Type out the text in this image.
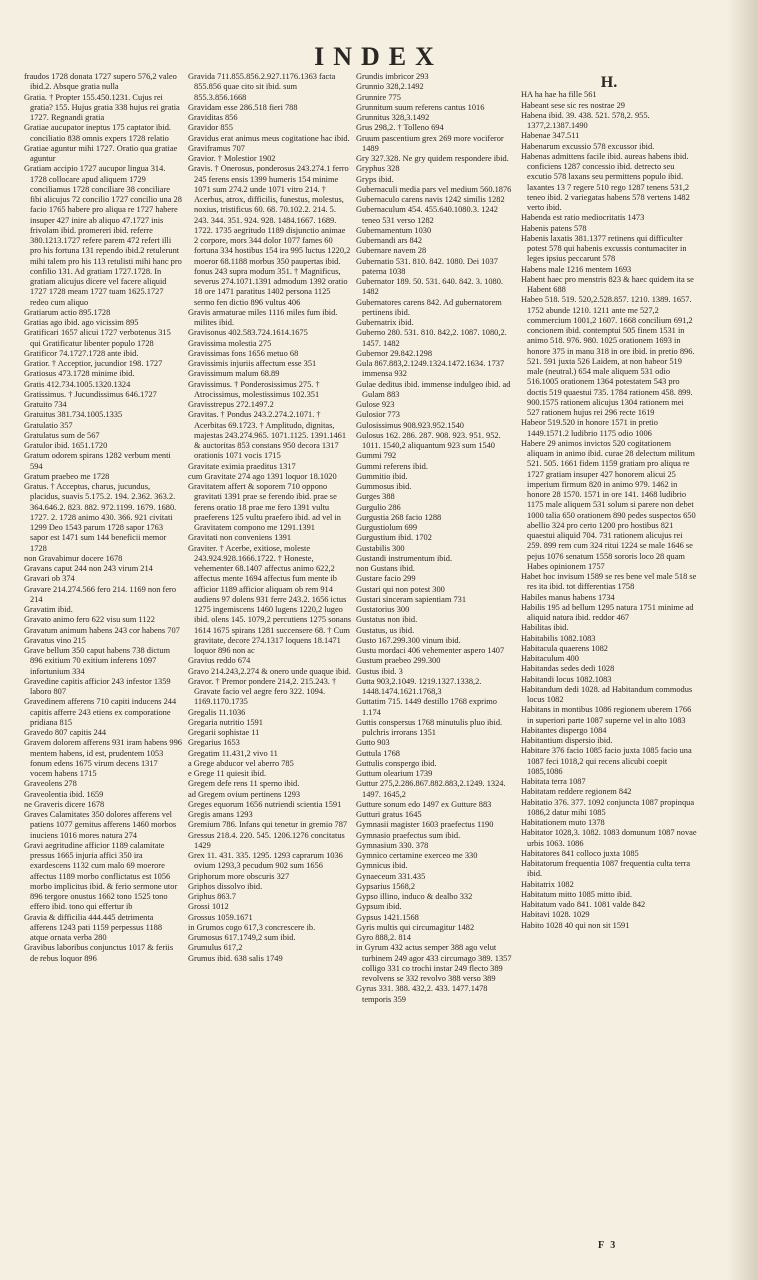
INDEX

fraudos 1728 donata 1727 supero 576,2 valeo ibid.2. Absque gratia nulla

Gratia. † Propter 155.450.1231. Cujus rei gratia? 155. Hujus gratia 338 hujus rei gratia 1727. Regnandi gratia

Gratiae aucupator ineptus 175 captator ibid. conciliatio 838 omnis expers 1728 relatio

Gratiae aguntur mihi 1727. Oratio qua gratiae aguntur

Gratiam accipio 1727 aucupor lingua 314. 1728 collocare apud aliquem 1729 conciliamus 1728 conciliare 38 conciliare fibi alicujus 72 concilio 1727 concilio una 28 facio 1765 habere pro aliqua re 1727 habere insuper 427 inire ab aliquo 47.1727 inis frivolam ibid. promereri ibid. referre 380.1213.1727 refere parem 472 refert illi pro his fortuna 131 rependo ibid.2 retulerunt mihi talem pro his 113 retulisti mihi hanc pro confilio 131. Ad gratiam 1727.1728. In gratiam alicujus dicere vel facere aliquid 1727 1728 meam 1727 tuam 1625.1727 redeo cum aliquo

Gratiarum actio 895.1728

Gratias ago ibid. ago vicissim 895

Gratificari 1657 alicui 1727 verbotenus 315 qui Gratificatur libenter populo 1728

Gratificor 74.1727.1728 ante ibid.

Gratior. † Acceptior, jucundior 198. 1727

Gratiosus 473.1728 minime ibid.

Gratis 412.734.1005.1320.1324

Gratissimus. † Jucundissimus 646.1727

Gratuito 734

Gratuitus 381.734.1005.1335

Gratulatio 357

Gratulatus sum de 567

Gratulor ibid. 1651.1720

Gratum odorem spirans 1282 verbum menti 594

Gratum praebeo me 1728

Gratus. † Acceptus, charus, jucundus, placidus, suavis 5.175.2. 194. 2.362. 363.2. 364.646.2. 823. 882. 972.1199. 1679. 1680. 1727. 2. 1728 animo 430. 366. 921 civitati 1299 Deo 1543 parum 1728 sapor 1763 sapor est 1471 sum 144 beneficii memor 1728

non Gravabimur docere 1678

Gravans caput 244 non 243 virum 214

Gravari ob 374

Gravare 214.274.566 fero 214. 1169 non fero 214

Gravatim ibid.

Gravato animo fero 622 visu sum 1122

Gravatum animum habens 243 cor habens 707

Gravatus vino 215

Grave bellum 350 caput habens 738 dictum 896 exitium 70 exitium inferens 1097 infortunium 334

Gravedine capitis afficior 243 infestor 1359 laboro 807

Gravedinem afferens 710 capiti inducens 244 capitis afferre 243 etiens ex comporatione pridiana 815

Gravedo 807 capitis 244

Gravem dolorem afferens 931 iram habens 996 mentem habens, id est, prudentem 1053 fonum edens 1675 virum decens 1317 vocem habens 1715

Graveolens 278

Graveolentia ibid. 1659

ne Graveris dicere 1678

Graves Calamitates 350 dolores afferens vel patiens 1077 gemitus afferens 1460 morbos inuciens 1016 mores natura 274

Gravi aegritudine afficior 1189 calamitate pressus 1665 injuria affici 350 ira exardescens 1132 cum malo 69 moerore affectus 1189 morbo conflictatus est 1056 morbo implicitus ibid. & ferio sermone utor 896 tergore onustus 1662 tono 1525 tono effero ibid. tono qui effertur ib

Gravia & difficilia 444.445 detrimenta afferens 1243 pati 1159 perpessus 1188 atque ornata verba 280

Gravibus laboribus conjunctus 1017 & feriis de rebus loquor 896

Gravida 711.855.856.2.927.1176.1363 facta 855.856 quae cito sit ibid. sum 855.3.856.1668

Gravidam esse 286.518 fieri 788

Graviditas 856

Gravidor 855

Gravidus erat animus meus cogitatione hac ibid.

Graviframus 707

Gravior. † Molestior 1902

Gravis. † Onerosus, ponderosus 243.274.1 ferro 245 ferens ensis 1399 humeris 154 minime 1071 sum 274.2 unde 1071 vitro 214. † Acerbus, atrox, difficilis, funestus, molestus, noxius, tristificus 60. 68. 70.102.2. 214. 5. 243. 344. 351. 924. 928. 1484.1667. 1689. 1722. 1735 aegritudo 1189 disjunctio animae 2 corpore, mors 344 dolor 1077 fames 60 fortuna 334 hostibus 154 ira 995 luctus 1220,2 moeror 68.1188 morbus 350 paupertas ibid. fonus 243 supra modum 351. † Magnificus, severus 274.1071.1391 admodum 1392 oratio 18 ore 1471 paratitus 1402 persona 1125 sermo fen dictio 896 vultus 406

Gravis armaturae miles 1116 miles fum ibid. milites ibid.

Gravisonus 402.583.724.1614.1675

Gravissima molestia 275

Gravissimas fons 1656 metuo 68

Gravissimis injuriis affectum esse 351

Gravissimum malum 68.89

Gravissimus. † Ponderosissimus 275. † Atrocissimus, molestissimus 102.351

Gravisstrepus 272.1497.2

Gravitas. † Pondus 243.2.274.2.1071. † Acerbitas 69.1723. † Amplitudo, dignitas, majestas 243.274.965. 1071.1125. 1391.1461 & auctoritas 853 constans 950 decora 1317 orationis 1071 vocis 1715

Gravitate eximia praeditus 1317

cum Gravitate 274 ago 1391 loquor 18.1020

Gravitatem affert & soporem 710 oppono gravitati 1391 prae se ferendo ibid. prae se ferens oratio 18 prae me fero 1391 vultu praeferens 125 vultu praefero ibid. ad vel in Gravitatem compono me 1291.1391

Gravitati non conveniens 1391

Graviter. † Acerbe, exitiose, moleste 243.924.928.1666.1722. † Honeste, vehementer 68.1407 affectus animo 622,2 affectus mente 1694 affectus fum mente ib afficior 1189 afficior aliquam ob rem 914 audiens 97 dolens 931 ferre 243.2. 1656 ictus 1275 ingemiscens 1460 lugens 1220,2 lugeo ibid. olens 145. 1079,2 percutiens 1275 sonans 1614 1675 spirans 1281 succensere 68. † Cum gravitate, decore 274.1317 loquens 18.1471 loquor 896 non ac

Gravius reddo 674

Gravo 214.243,2.274 & onero unde quaque ibid.

Gravor. † Premor pondere 214,2. 215.243. † Gravate facio vel aegre fero 322. 1094. 1169.1170.1735

Gregalis 11.1036

Gregaria nutritio 1591

Gregarii sophistae 11

Gregarius 1653

Gregatim 11.431,2 vivo 11

a Grege abducor vel aberro 785

e Grege 11 quiesit ibid.

Gregem defe rens 11 sperno ibid.

ad Gregem ovium pertinens 1293

Greges equorum 1656 nutriendi scientia 1591

Gregis amans 1293

Gremium 786. Infans qui tenetur in gremio 787

Gressus 218.4. 220. 545. 1206.1276 concitatus 1429

Grex 11. 431. 335. 1295. 1293 caprarum 1036 ovium 1293,3 pecudum 902 sum 1656

Griphorum more obscuris 327

Griphos dissolvo ibid.

Griphus 863.7

Grossi 1012

Grossus 1059.1671

in Grumos cogo 617,3 concrescere ib.

Grumosus 617.1749,2 sum ibid.

Grumulus 617,2

Grumus ibid. 638 salis 1749

Grundis imbricor 293

Grunnio 328,2.1492

Grunnire 775

Grunnitum suum referens cantus 1016

Grunnitus 328,3.1492

Grus 298,2. † Tolleno 694

Gruum pascentium grex 269 more vociferor 1489

Gry 327.328. Ne gry quidem respondere ibid.

Gryphus 328

Gryps ibid.

Gubernaculi media pars vel medium 560.1876

Gubernaculo carens navis 1242 similis 1282

Gubernaculum 454. 455.640.1080.3. 1242 teneo 531 verso 1282

Gubernamentum 1030

Gubernandi ars 842

Gubernare navem 28

Gubernatio 531. 810. 842. 1080. Dei 1037 paterna 1038

Gubernator 189. 50. 531. 640. 842. 3. 1080. 1482

Gubernatores carens 842. Ad gubernatorem pertinens ibid.

Gubernatrix ibid.

Guberno 280. 531. 810. 842,2. 1087. 1080,2. 1457. 1482

Gubernor 29.842.1298

Gula 867.883,2.1249.1324.1472.1634. 1737 immensa 932

Gulae deditus ibid. immense indulgeo ibid. ad Gulam 883

Gulose 923

Gulosior 773

Gulosissimus 908.923.952.1540

Gulosus 162. 286. 287. 908. 923. 951. 952. 1011. 1540,2 aliquantum 923 sum 1540

Gummi 792

Gummi referens ibid.

Gummitio ibid.

Gummosus ibid.

Gurges 388

Gurgulio 286

Gurgustia 268 facio 1288

Gurgustiolum 699

Gurgustium ibid. 1702

Gustabilis 300

Gustandi instrumentum ibid.

non Gustans ibid.

Gustare facio 299

Gustari qui non potest 300

Gustari sinceram sapientiam 731

Gustatorius 300

Gustatus non ibid.

Gustatus, us ibid.

Gusto 167.299.300 vinum ibid.

Gustu mordaci 406 vehementer aspero 1407

Gustum praebeo 299.300

Gustus ibid. 3

Gutta 903,2.1049. 1219.1327.1338,2. 1448.1474.1621.1768,3

Guttatim 715. 1449 destillo 1768 exprimo 1.174

Guttis conspersus 1768 minutulis pluo ibid. pulchris irrorans 1351

Gutto 903

Guttula 1768

Guttulis conspergo ibid.

Guttum olearium 1739

Guttur 275,2.286.867.882.883,2.1249. 1324. 1497. 1645,2

Gutture sonum edo 1497 ex Gutture 883

Gutturi gratus 1645

Gymnasii magister 1603 praefectus 1190

Gymnasio praefectus sum ibid.

Gymnasium 330. 378

Gymnico certamine exerceo me 330

Gymnicus ibid.

Gynaeceum 331.435

Gypsarius 1568,2

Gypso illino, induco & dealbo 332

Gypsum ibid.

Gypsus 1421.1568

Gyris multis qui circumagitur 1482

Gyro 888,2. 814

in Gyrum 432 actus semper 388 ago velut turbinem 249 agor 433 circumago 389. 1357 colligo 331 co trochi instar 249 flecto 389 revolvens se 332 revolvo 388 verso 389

Gyrus 331. 388. 432,2. 433. 1477.1478 temporis 359

H.

HA ha hae ha fille 561

Habeant sese sic res nostrae 29

Habena ibid. 39. 438. 521. 578,2. 955. 1377,2.1387.1490

Habenae 347.511

Habenarum excussio 578 excussor ibid.

Habenas admittens facile ibid. aureas habens ibid. conficiens 1287 concessio ibid. detrecto seu excutio 578 laxans seu permittens populo ibid. laxantes 13 7 regere 510 rego 1287 tenens 531,2 teneo ibid. 2 variegatas habens 578 vertens 1482 verto ibid.

Habenda est ratio mediocritatis 1473

Habenis patens 578

Habenis laxatis 381.1377 retinens qui difficulter potest 578 qui habenis excussis contumaciter in leges ipsius peccarunt 578

Habens male 1216 mentem 1693

Habent haec pro menstris 823 & haec quidem ita se Habent 688

Habeo 518. 519. 520,2.528.857. 1210. 1389. 1657. 1752 abunde 1210. 1211 ante me 527,2 commercium 1001,2 1607. 1668 concilium 691,2 concionem ibid. contemptui 505 finem 1531 in animo 518. 976. 980. 1025 orationem 1693 in honore 375 in manu 318 in ore ibid. in pretio 896. 521. 591 juxta 526 Laidem, at non habeor 519 male (neutral.) 654 male aliquem 531 odio 516.1005 orationem 1364 potestatem 543 pro doctis 519 quaestui 735. 1784 rationem 458. 899. 900.1575 rationem alicujus 1304 rationem mei 527 rationem hujus rei 296 recte 1619

Habeor 519.520 in honore 1571 in pretio 1449.1571.2 ludibrio 1175 odio 1006

Habere 29 animos invictos 520 cogitationem aliquam in animo ibid. curae 28 delectum militum 521. 505. 1661 fidem 1159 gratiam pro aliqua re 1727 gratiam insuper 427 honorem alicui 25 imperium firmum 820 in animo 979. 1462 in honore 28 1570. 1571 in ore 141. 1468 ludibrio 1175 male aliquem 531 solum si parere non debet 1000 talia 650 orationem 890 pedes suspectos 650 abellio 324 pro certo 1200 pro hostibus 821 quaestui aliquid 704. 731 rationem alicujus rei 259. 899 rem cum 324 ritui 1224 se male 1646 se pejus 1076 senatum 1558 sororis loco 28 quam Habes opinionem 1757

Habet hoc invisum 1589 se res bene vel male 518 se res ita ibid. tot differentias 1758

Habiles manus habens 1734

Habilis 195 ad bellum 1295 natura 1751 minime ad aliquid natura ibid. reddor 467

Habilitas ibid.

Habitabilis 1082.1083

Habitacula quaerens 1082

Habitaculum 400

Habitandas sedes dedi 1028

Habitandi locus 1082.1083

Habitandum dedi 1028. ad Habitandum commodus locus 1082

Habitans in montibus 1086 regionem uberem 1766 in superiori parte 1087 superne vel in alto 1083

Habitantes dispergo 1084

Habitantium dispersio ibid.

Habitare 376 facio 1085 facio juxta 1085 facio una 1087 feci 1018,2 qui recens alicubi coepit 1085,1086

Habitata terra 1087

Habitatam reddere regionem 842

Habitatio 376. 377. 1092 conjuncta 1087 propinqua 1086,2 datur mihi 1085

Habitationem muto 1378

Habitator 1028,3. 1082. 1083 domunum 1087 novae urbis 1063. 1086

Habitatores 841 colloco juxta 1085

Habitatorum frequentia 1087 frequentia culta terra ibid.

Habitatrix 1082

Habitatum mitto 1085 mitto ibid.

Habitatum vado 841. 1081 valde 842

Habitavi 1028. 1029

Habito 1028 40 qui non sit 1591

F 3
